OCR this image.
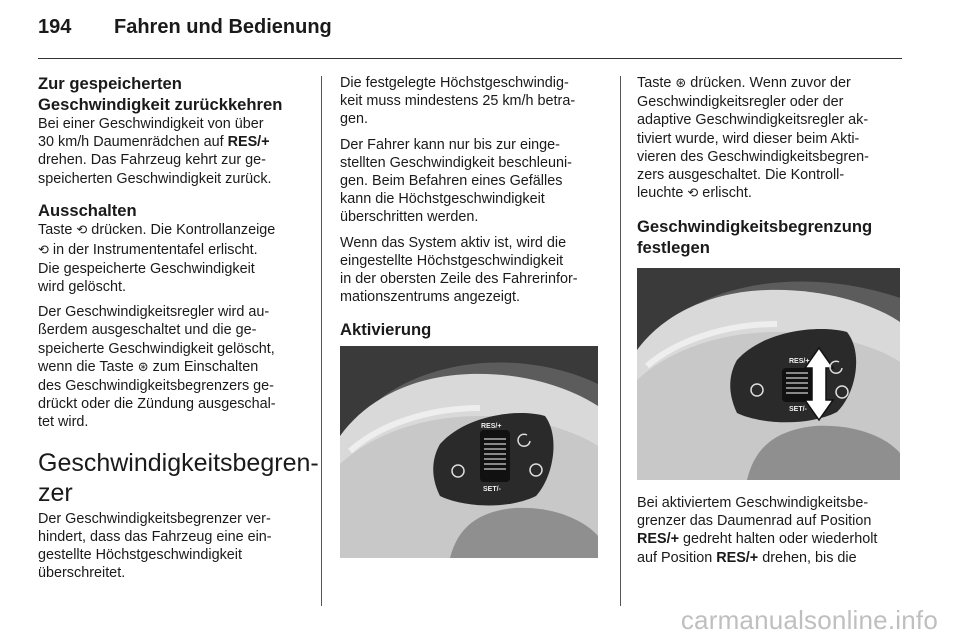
194 Fahren und Bedienung

Zur gespeicherten
Geschwindigkeit zurückkehren

Bei einer Geschwindigkeit von über
30 km/h Daumenrädchen auf RES/+
drehen. Das Fahrzeug kehrt zur ge-
speicherten Geschwindigkeit zurück.

Ausschalten

Taste ⟲ drücken. Die Kontrollanzeige
⟲ in der Instrumententafel erlischt.
Die gespeicherte Geschwindigkeit
wird gelöscht.

Der Geschwindigkeitsregler wird au-
ßerdem ausgeschaltet und die ge-
speicherte Geschwindigkeit gelöscht,
wenn die Taste ⊛ zum Einschalten
des Geschwindigkeitsbegrenzers ge-
drückt oder die Zündung ausgeschal-
tet wird.

Geschwindigkeitsbegren-
zer

Der Geschwindigkeitsbegrenzer ver-
hindert, dass das Fahrzeug eine ein-
gestellte Höchstgeschwindigkeit
überschreitet.

Die festgelegte Höchstgeschwindig-
keit muss mindestens 25 km/h betra-
gen.

Der Fahrer kann nur bis zur einge-
stellten Geschwindigkeit beschleuni-
gen. Beim Befahren eines Gefälles
kann die Höchstgeschwindigkeit
überschritten werden.

Wenn das System aktiv ist, wird die
eingestellte Höchstgeschwindigkeit
in der obersten Zeile des Fahrerinfor-
mationszentrums angezeigt.

Aktivierung

RES/+
SET/-

Taste ⊛ drücken. Wenn zuvor der
Geschwindigkeitsregler oder der
adaptive Geschwindigkeitsregler ak-
tiviert wurde, wird dieser beim Akti-
vieren des Geschwindigkeitsbegren-
zers ausgeschaltet. Die Kontroll-
leuchte ⟲ erlischt.

Geschwindigkeitsbegrenzung
festlegen

RES/+
SET/-

Bei aktiviertem Geschwindigkeitsbe-
grenzer das Daumenrad auf Position
RES/+ gedreht halten oder wiederholt
auf Position RES/+ drehen, bis die

carmanualsonline.info
